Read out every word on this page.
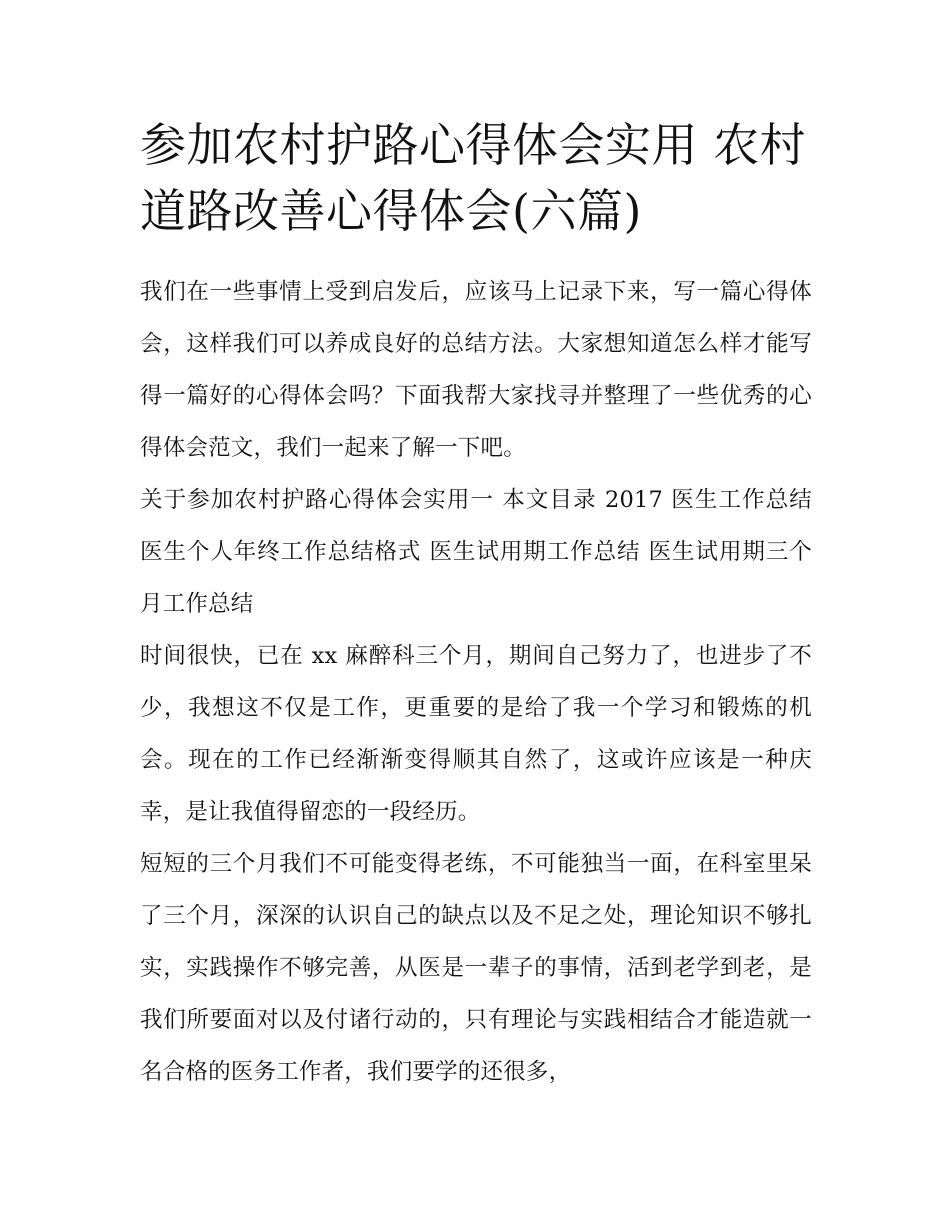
参加农村护路心得体会实用 农村道路改善心得体会(六篇)

我们在一些事情上受到启发后，应该马上记录下来，写一篇心得体会，这样我们可以养成良好的总结方法。大家想知道怎么样才能写得一篇好的心得体会吗？下面我帮大家找寻并整理了一些优秀的心得体会范文，我们一起来了解一下吧。

关于参加农村护路心得体会实用一 本文目录 2017 医生工作总结 医生个人年终工作总结格式 医生试用期工作总结 医生试用期三个月工作总结

时间很快，已在 xx 麻醉科三个月，期间自己努力了，也进步了不少，我想这不仅是工作，更重要的是给了我一个学习和锻炼的机会。现在的工作已经渐渐变得顺其自然了，这或许应该是一种庆幸，是让我值得留恋的一段经历。

短短的三个月我们不可能变得老练，不可能独当一面，在科室里呆了三个月，深深的认识自己的缺点以及不足之处，理论知识不够扎实，实践操作不够完善，从医是一辈子的事情，活到老学到老，是我们所要面对以及付诸行动的，只有理论与实践相结合才能造就一名合格的医务工作者，我们要学的还很多，
